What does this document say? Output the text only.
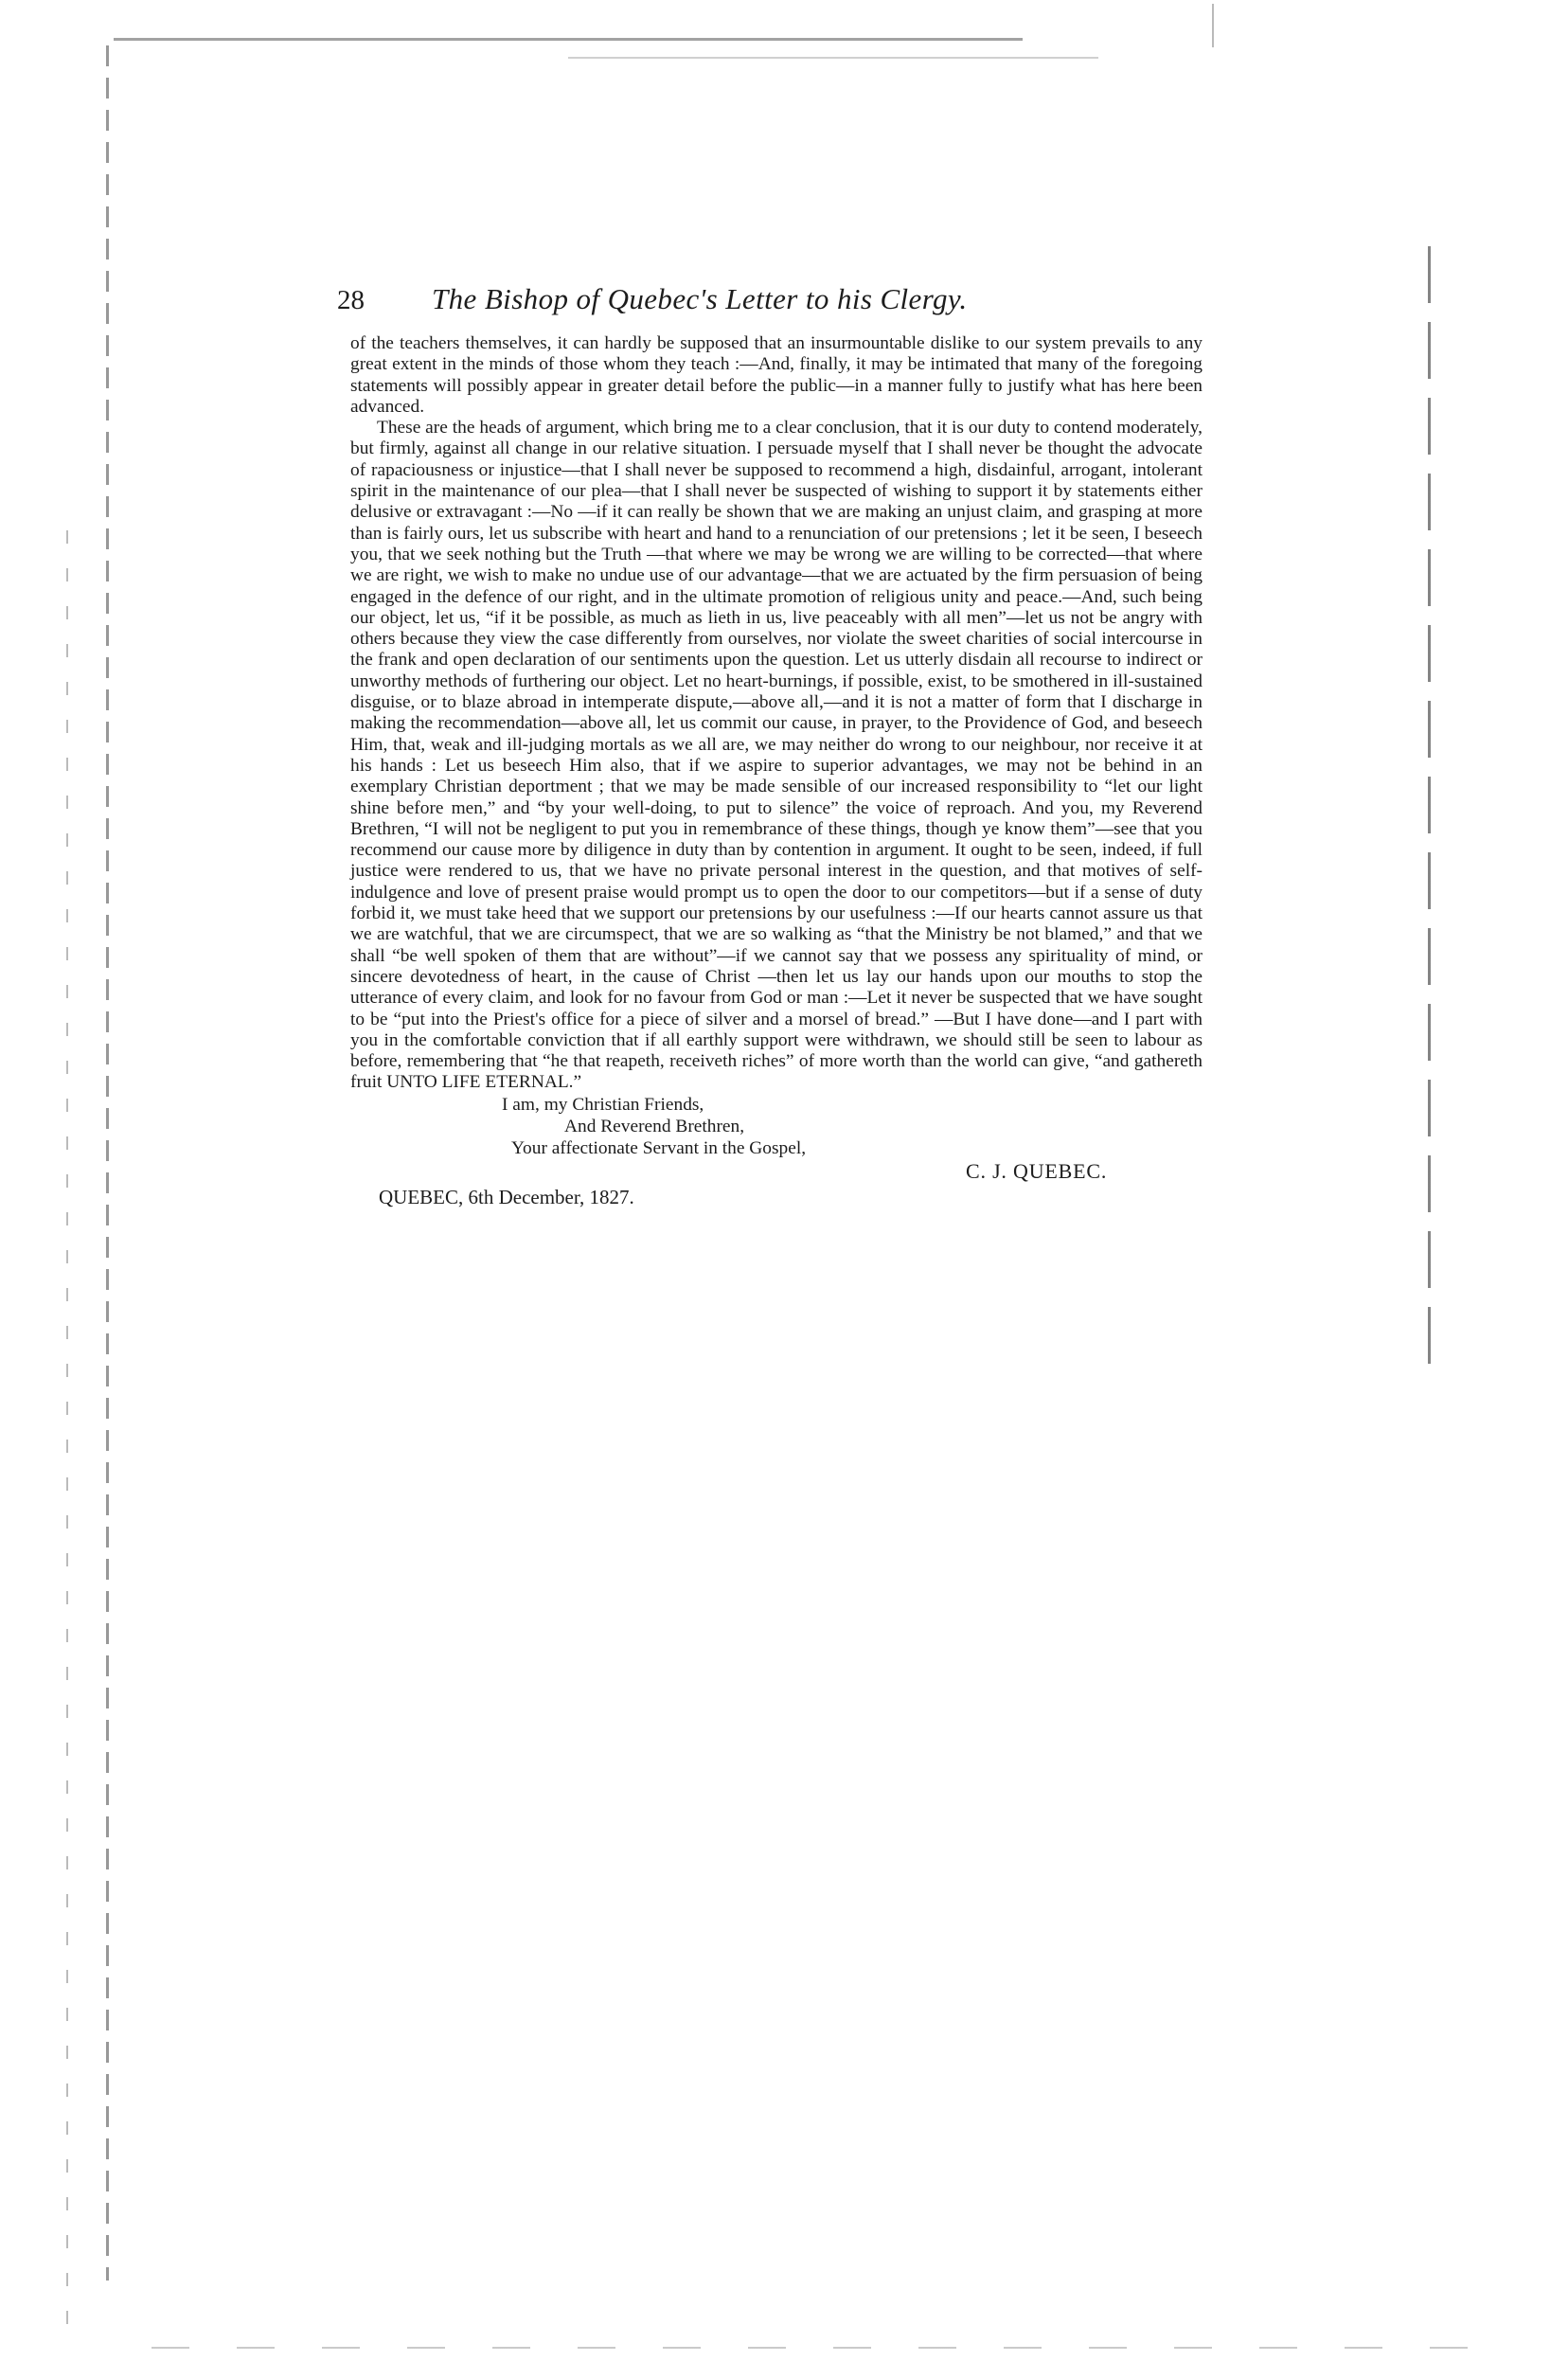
28	The Bishop of Quebec's Letter to his Clergy.

of the teachers themselves, it can hardly be supposed that an insurmountable dislike to our system prevails to any great extent in the minds of those whom they teach :—And, finally, it may be intimated that many of the foregoing statements will possibly appear in greater detail before the public—in a manner fully to justify what has here been advanced.

These are the heads of argument, which bring me to a clear conclusion, that it is our duty to contend moderately, but firmly, against all change in our relative situation. I persuade myself that I shall never be thought the advocate of rapaciousness or injustice—that I shall never be supposed to recommend a high, disdainful, arrogant, intolerant spirit in the maintenance of our plea—that I shall never be suspected of wishing to support it by statements either delusive or extravagant :—No —if it can really be shown that we are making an unjust claim, and grasping at more than is fairly ours, let us subscribe with heart and hand to a renunciation of our pretensions ; let it be seen, I beseech you, that we seek nothing but the Truth —that where we may be wrong we are willing to be corrected—that where we are right, we wish to make no undue use of our advantage—that we are actuated by the firm persuasion of being engaged in the defence of our right, and in the ultimate promotion of religious unity and peace.—And, such being our object, let us, “if it be possible, as much as lieth in us, live peaceably with all men”—let us not be angry with others because they view the case differently from ourselves, nor violate the sweet charities of social intercourse in the frank and open declaration of our sentiments upon the question. Let us utterly disdain all recourse to indirect or unworthy methods of furthering our object. Let no heart-burnings, if possible, exist, to be smothered in ill-sustained disguise, or to blaze abroad in intemperate dispute,—above all,—and it is not a matter of form that I discharge in making the recommendation—above all, let us commit our cause, in prayer, to the Providence of God, and beseech Him, that, weak and ill-judging mortals as we all are, we may neither do wrong to our neighbour, nor receive it at his hands : Let us beseech Him also, that if we aspire to superior advantages, we may not be behind in an exemplary Christian deportment ; that we may be made sensible of our increased responsibility to “let our light shine before men,” and “by your well-doing, to put to silence” the voice of reproach. And you, my Reverend Brethren, “I will not be negligent to put you in remembrance of these things, though ye know them”—see that you recommend our cause more by diligence in duty than by contention in argument. It ought to be seen, indeed, if full justice were rendered to us, that we have no private personal interest in the question, and that motives of self-indulgence and love of present praise would prompt us to open the door to our competitors—but if a sense of duty forbid it, we must take heed that we support our pretensions by our usefulness :—If our hearts cannot assure us that we are watchful, that we are circumspect, that we are so walking as “that the Ministry be not blamed,” and that we shall “be well spoken of them that are without”—if we cannot say that we possess any spirituality of mind, or sincere devotedness of heart, in the cause of Christ —then let us lay our hands upon our mouths to stop the utterance of every claim, and look for no favour from God or man :—Let it never be suspected that we have sought to be “put into the Priest's office for a piece of silver and a morsel of bread.” —But I have done—and I part with you in the comfortable conviction that if all earthly support were withdrawn, we should still be seen to labour as before, remembering that “he that reapeth, receiveth riches” of more worth than the world can give, “and gathereth fruit UNTO LIFE ETERNAL.”

I am, my Christian Friends,
And Reverend Brethren,
Your affectionate Servant in the Gospel,
C. J. QUEBEC.
QUEBEC, 6th December, 1827.
